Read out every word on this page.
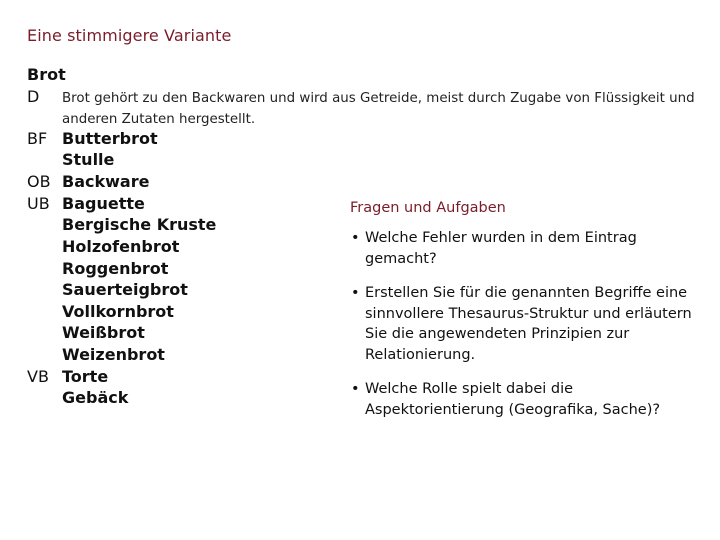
Eine stimmigere Variante
Brot
D Brot gehört zu den Backwaren und wird aus Getreide, meist durch Zugabe von Flüssigkeit und anderen Zutaten hergestellt.
BF Butterbrot
Stulle
OB Backware
UB Baguette
Bergische Kruste
Holzofenbrot
Roggenbrot
Sauerteigbrot
Vollkornbrot
Weißbrot
Weizenbrot
VB Torte
Gebäck
Fragen und Aufgaben
• Welche Fehler wurden in dem Eintrag gemacht?
• Erstellen Sie für die genannten Begriffe eine sinnvollere Thesaurus-Struktur und erläutern Sie die angewendeten Prinzipien zur Relationierung.
• Welche Rolle spielt dabei die Aspektorientierung (Geografika, Sache)?
